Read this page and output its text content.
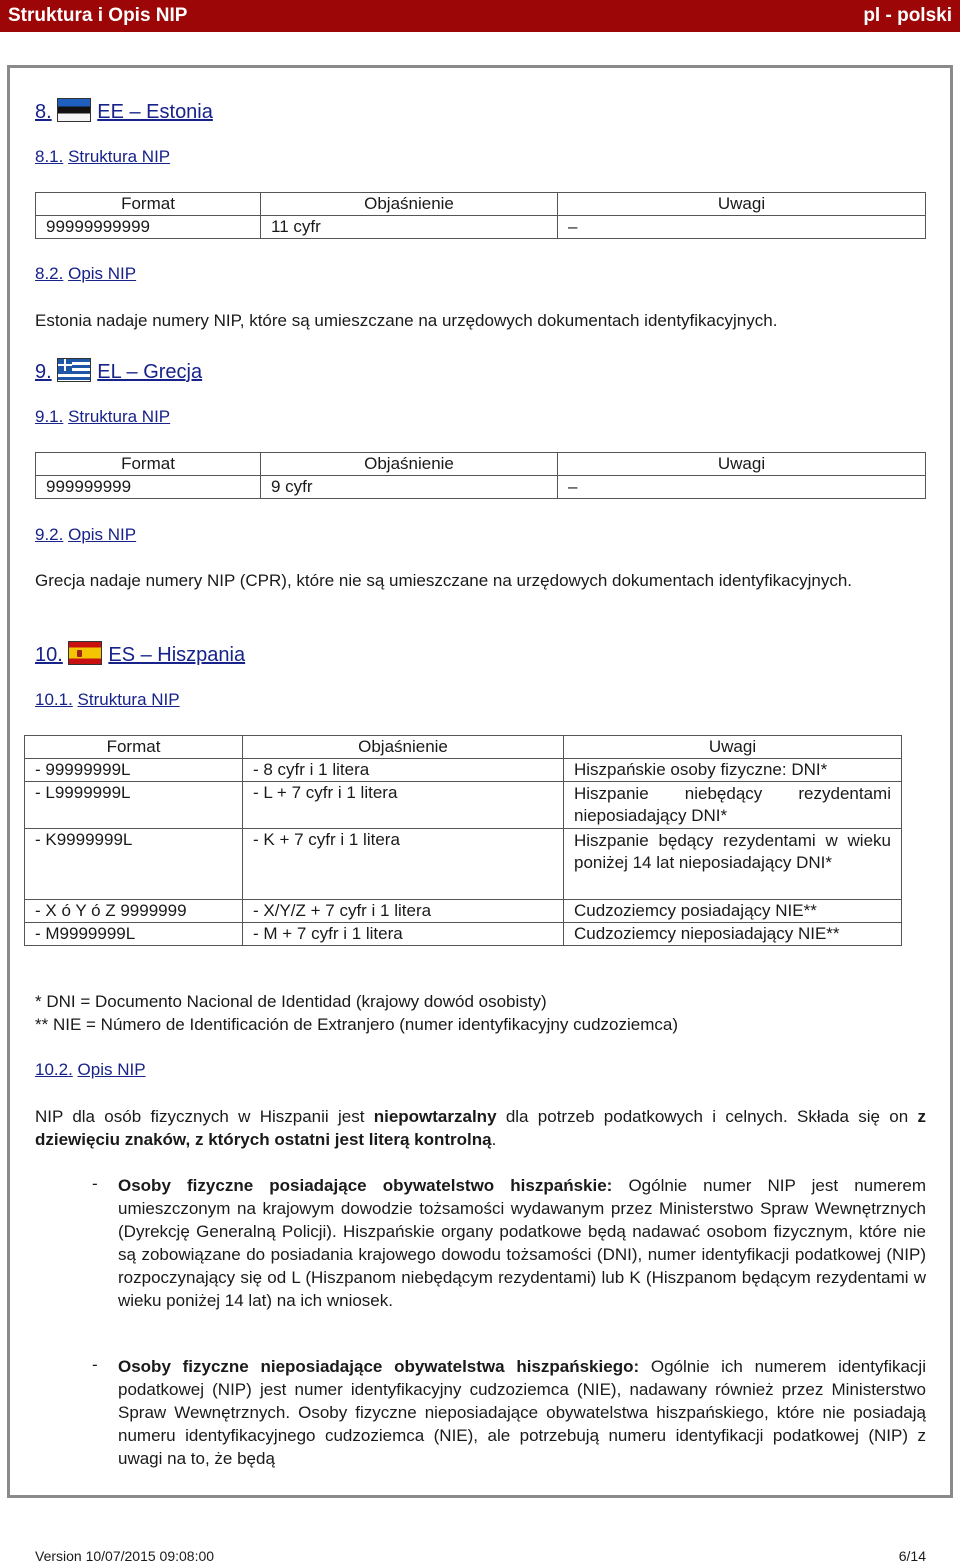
Struktura i Opis NIP	pl - polski
8. EE – Estonia
8.1. Struktura NIP
Format	Objaśnienie	Uwagi
99999999999	11 cyfr	–
8.2. Opis NIP
Estonia nadaje numery NIP, które są umieszczane na urzędowych dokumentach identyfikacyjnych.
9. EL – Grecja
9.1. Struktura NIP
Format	Objaśnienie	Uwagi
999999999	9 cyfr	–
9.2. Opis NIP
Grecja nadaje numery NIP (CPR), które nie są umieszczane na urzędowych dokumentach identyfikacyjnych.
10. ES – Hiszpania
10.1. Struktura NIP
Format	Objaśnienie	Uwagi
- 99999999L	- 8 cyfr i 1 litera	Hiszpańskie osoby fizyczne: DNI*
- L9999999L	- L + 7 cyfr i 1 litera	Hiszpanie niebędący rezydentami nieposiadający DNI*
- K9999999L	- K + 7 cyfr i 1 litera	Hiszpanie będący rezydentami w wieku poniżej 14 lat nieposiadający DNI*
- X ó Y ó Z 9999999	- X/Y/Z + 7 cyfr i 1 litera	Cudzoziemcy posiadający NIE**
- M9999999L	- M + 7 cyfr i 1 litera	Cudzoziemcy nieposiadający NIE**
* DNI = Documento Nacional de Identidad (krajowy dowód osobisty)
** NIE = Número de Identificación de Extranjero (numer identyfikacyjny cudzoziemca)
10.2. Opis NIP
NIP dla osób fizycznych w Hiszpanii jest niepowtarzalny dla potrzeb podatkowych i celnych. Składa się on z dziewięciu znaków, z których ostatni jest literą kontrolną.
- Osoby fizyczne posiadające obywatelstwo hiszpańskie: Ogólnie numer NIP jest numerem umieszczonym na krajowym dowodzie tożsamości wydawanym przez Ministerstwo Spraw Wewnętrznych (Dyrekcję Generalną Policji). Hiszpańskie organy podatkowe będą nadawać osobom fizycznym, które nie są zobowiązane do posiadania krajowego dowodu tożsamości (DNI), numer identyfikacji podatkowej (NIP) rozpoczynający się od L (Hiszpanom niebędącym rezydentami) lub K (Hiszpanom będącym rezydentami w wieku poniżej 14 lat) na ich wniosek.
- Osoby fizyczne nieposiadające obywatelstwa hiszpańskiego: Ogólnie ich numerem identyfikacji podatkowej (NIP) jest numer identyfikacyjny cudzoziemca (NIE), nadawany również przez Ministerstwo Spraw Wewnętrznych. Osoby fizyczne nieposiadające obywatelstwa hiszpańskiego, które nie posiadają numeru identyfikacyjnego cudzoziemca (NIE), ale potrzebują numeru identyfikacji podatkowej (NIP) z uwagi na to, że będą
Version 10/07/2015 09:08:00	6/14
